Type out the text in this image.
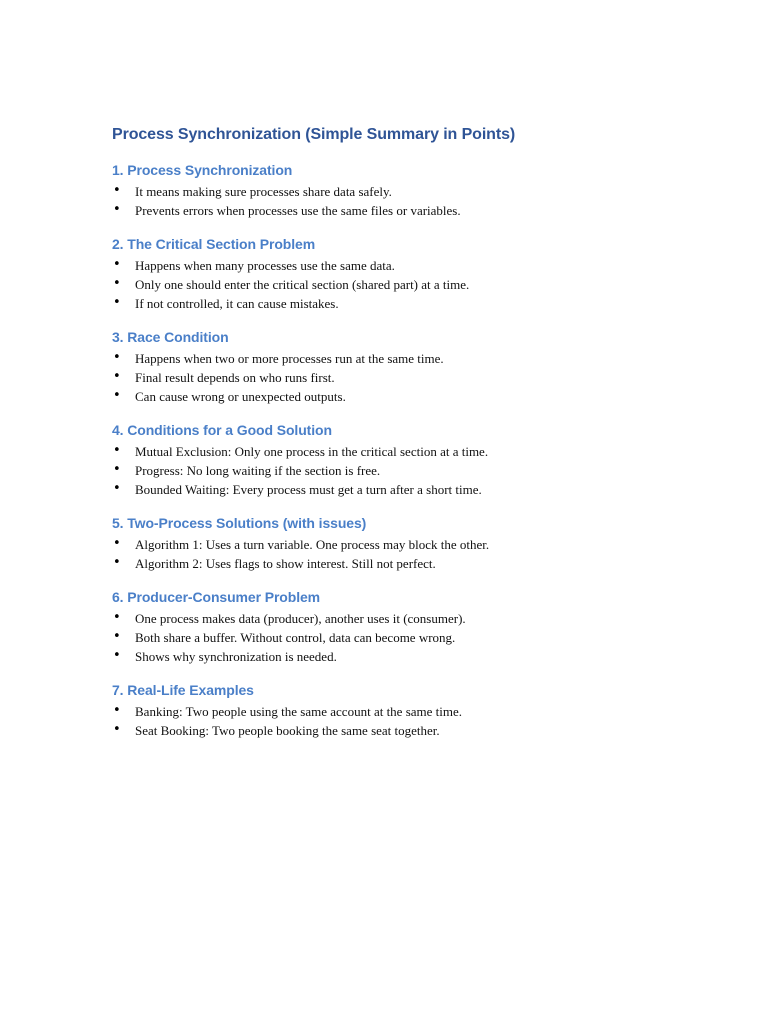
Process Synchronization (Simple Summary in Points)
1. Process Synchronization
• It means making sure processes share data safely.
• Prevents errors when processes use the same files or variables.
2. The Critical Section Problem
• Happens when many processes use the same data.
• Only one should enter the critical section (shared part) at a time.
• If not controlled, it can cause mistakes.
3. Race Condition
• Happens when two or more processes run at the same time.
• Final result depends on who runs first.
• Can cause wrong or unexpected outputs.
4. Conditions for a Good Solution
• Mutual Exclusion: Only one process in the critical section at a time.
• Progress: No long waiting if the section is free.
• Bounded Waiting: Every process must get a turn after a short time.
5. Two-Process Solutions (with issues)
• Algorithm 1: Uses a turn variable. One process may block the other.
• Algorithm 2: Uses flags to show interest. Still not perfect.
6. Producer-Consumer Problem
• One process makes data (producer), another uses it (consumer).
• Both share a buffer. Without control, data can become wrong.
• Shows why synchronization is needed.
7. Real-Life Examples
• Banking: Two people using the same account at the same time.
• Seat Booking: Two people booking the same seat together.
